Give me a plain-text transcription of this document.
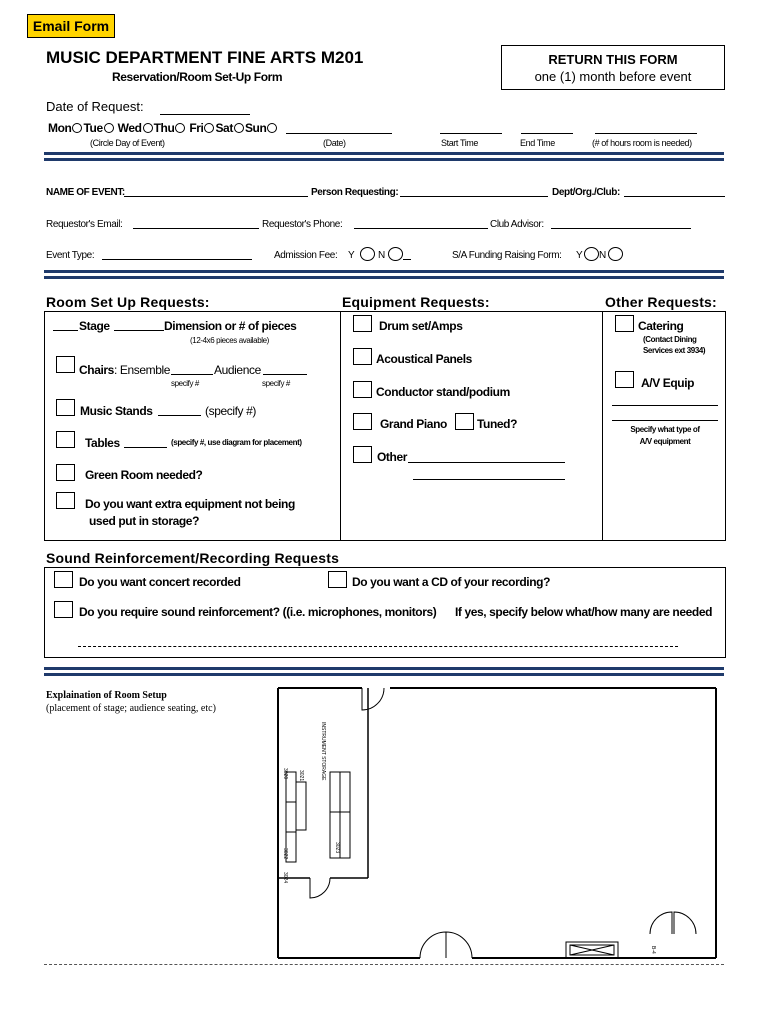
Email Form
MUSIC DEPARTMENT FINE ARTS M201
Reservation/Room Set-Up Form
RETURN THIS FORM
one (1) month before event
Date of Request:
Mon Tue Wed Thu Fri Sat Sun
(Circle Day of Event)	(Date)	Start Time	End Time	(# of hours room is needed)
NAME OF EVENT:	Person Requesting:	Dept/Org./Club:
Requestor's Email:	Requestor's Phone:	Club Advisor:
Event Type:	Admission Fee: Y N	S/A Funding Raising Form: Y N
Room Set Up Requests:	Equipment Requests:	Other Requests:
Stage	Dimension or # of pieces
(12-4x6 pieces available)
Chairs : Ensemble	Audience
specify #	specify #
Music Stands	(specify #)
Tables	(specify #, use diagram for placement)
Green Room needed?
Do you want extra equipment not being
used put in storage?
Drum set/Amps
Acoustical Panels
Conductor stand/podium
Grand Piano	Tuned?
Other
Catering
(Contact Dining
Services ext 3934)
A/V Equip
Specify what type of
A/V equipment
Sound Reinforcement/Recording Requests
Do you want concert recorded	Do you want a CD of your recording?
Do you require sound reinforcement? ((i.e. microphones, monitors) If yes, specify below what/how many are needed
Explaination of Room Setup
(placement of stage; audience seating, etc)
INSTRUMENT STORAGE
3020 3021
3022
3023
3024
B-4
